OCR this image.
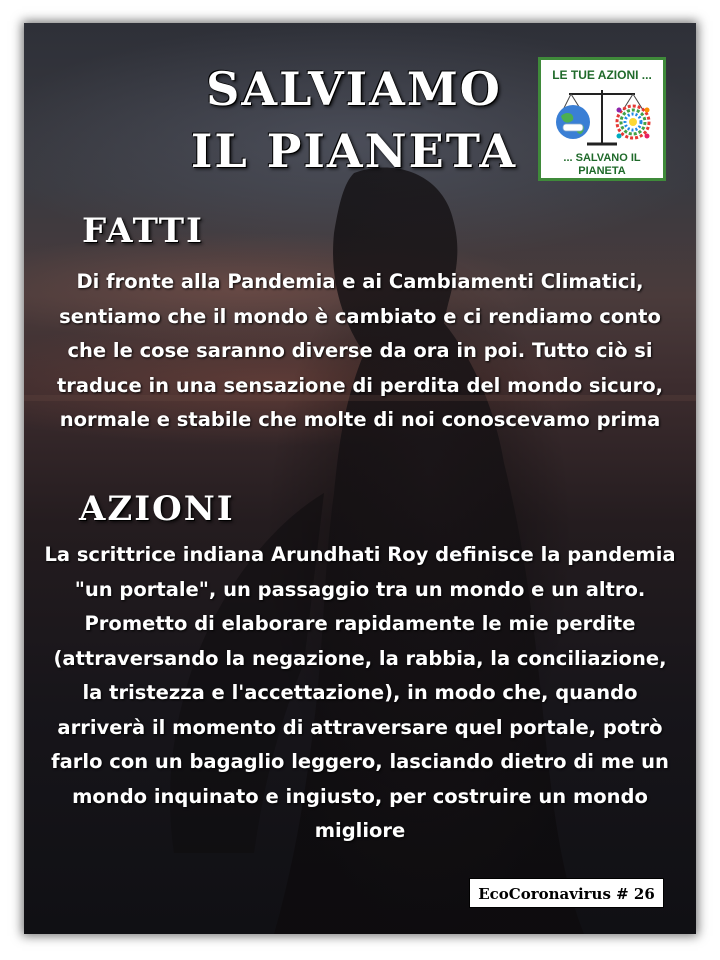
SALVIAMO IL PIANETA
LE TUE AZIONI ...
... SALVANO IL PIANETA
FATTI

Di fronte alla Pandemia e ai Cambiamenti Climatici, sentiamo che il mondo è cambiato e ci rendiamo conto che le cose saranno diverse da ora in poi. Tutto ciò si traduce in una sensazione di perdita del mondo sicuro, normale e stabile che molte di noi conoscevamo prima

AZIONI

La scrittrice indiana Arundhati Roy definisce la pandemia "un portale", un passaggio tra un mondo e un altro. Prometto di elaborare rapidamente le mie perdite (attraversando la negazione, la rabbia, la conciliazione, la tristezza e l'accettazione), in modo che, quando arriverà il momento di attraversare quel portale, potrò farlo con un bagaglio leggero, lasciando dietro di me un mondo inquinato e ingiusto, per costruire un mondo migliore

EcoCoronavirus # 26
